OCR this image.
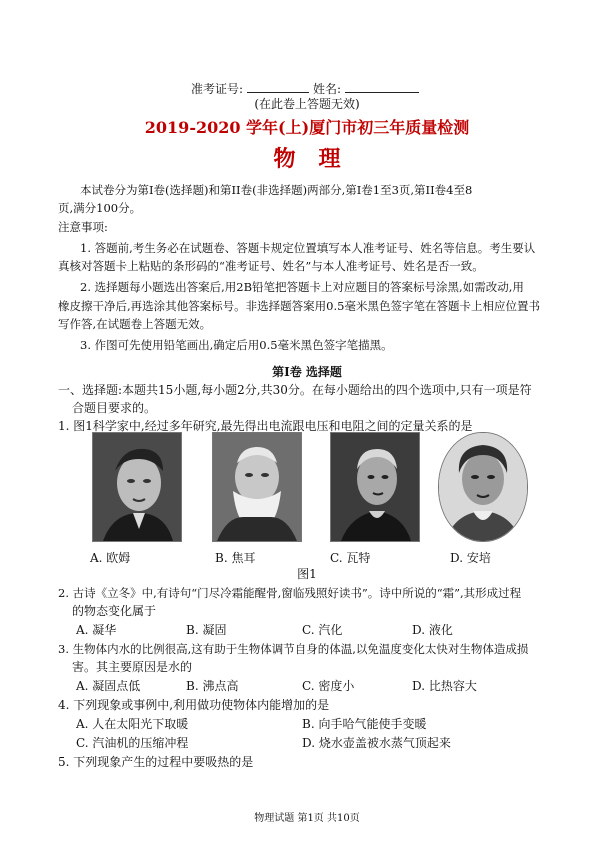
准考证号:	姓名:
(在此卷上答题无效)
2019-2020 学年(上)厦门市初三年质量检测
物   理
本试卷分为第I卷(选择题)和第II卷(非选择题)两部分,第I卷1至3页,第II卷4至8
页,满分100分。
注意事项:
1. 答题前,考生务必在试题卷、答题卡规定位置填写本人准考证号、姓名等信息。考生要认
真核对答题卡上粘贴的条形码的“准考证号、姓名”与本人准考证号、姓名是否一致。
2. 选择题每小题选出答案后,用2B铅笔把答题卡上对应题目的答案标号涂黑,如需改动,用
橡皮擦干净后,再选涂其他答案标号。非选择题答案用0.5毫米黑色签字笔在答题卡上相应位置书
写作答,在试题卷上答题无效。
3. 作图可先使用铅笔画出,确定后用0.5毫米黑色签字笔描黑。
第I卷 选择题
一、选择题:本题共15小题,每小题2分,共30分。在每小题给出的四个选项中,只有一项是符
合题目要求的。
1. 图1科学家中,经过多年研究,最先得出电流跟电压和电阻之间的定量关系的是
A. 欧姆	B. 焦耳	C. 瓦特	D. 安培
图1
2. 古诗《立冬》中,有诗句“门尽冷霜能醒骨,窗临残照好读书”。诗中所说的“霜”,其形成过程
的物态变化属于
A. 凝华	B. 凝固	C. 汽化	D. 液化
3. 生物体内水的比例很高,这有助于生物体调节自身的体温,以免温度变化太快对生物体造成损
害。其主要原因是水的
A. 凝固点低	B. 沸点高	C. 密度小	D. 比热容大
4. 下列现象或事例中,利用做功使物体内能增加的是
A. 人在太阳光下取暖	B. 向手哈气能使手变暖
C. 汽油机的压缩冲程	D. 烧水壶盖被水蒸气顶起来
5. 下列现象产生的过程中要吸热的是
物理试题 第1页 共10页
